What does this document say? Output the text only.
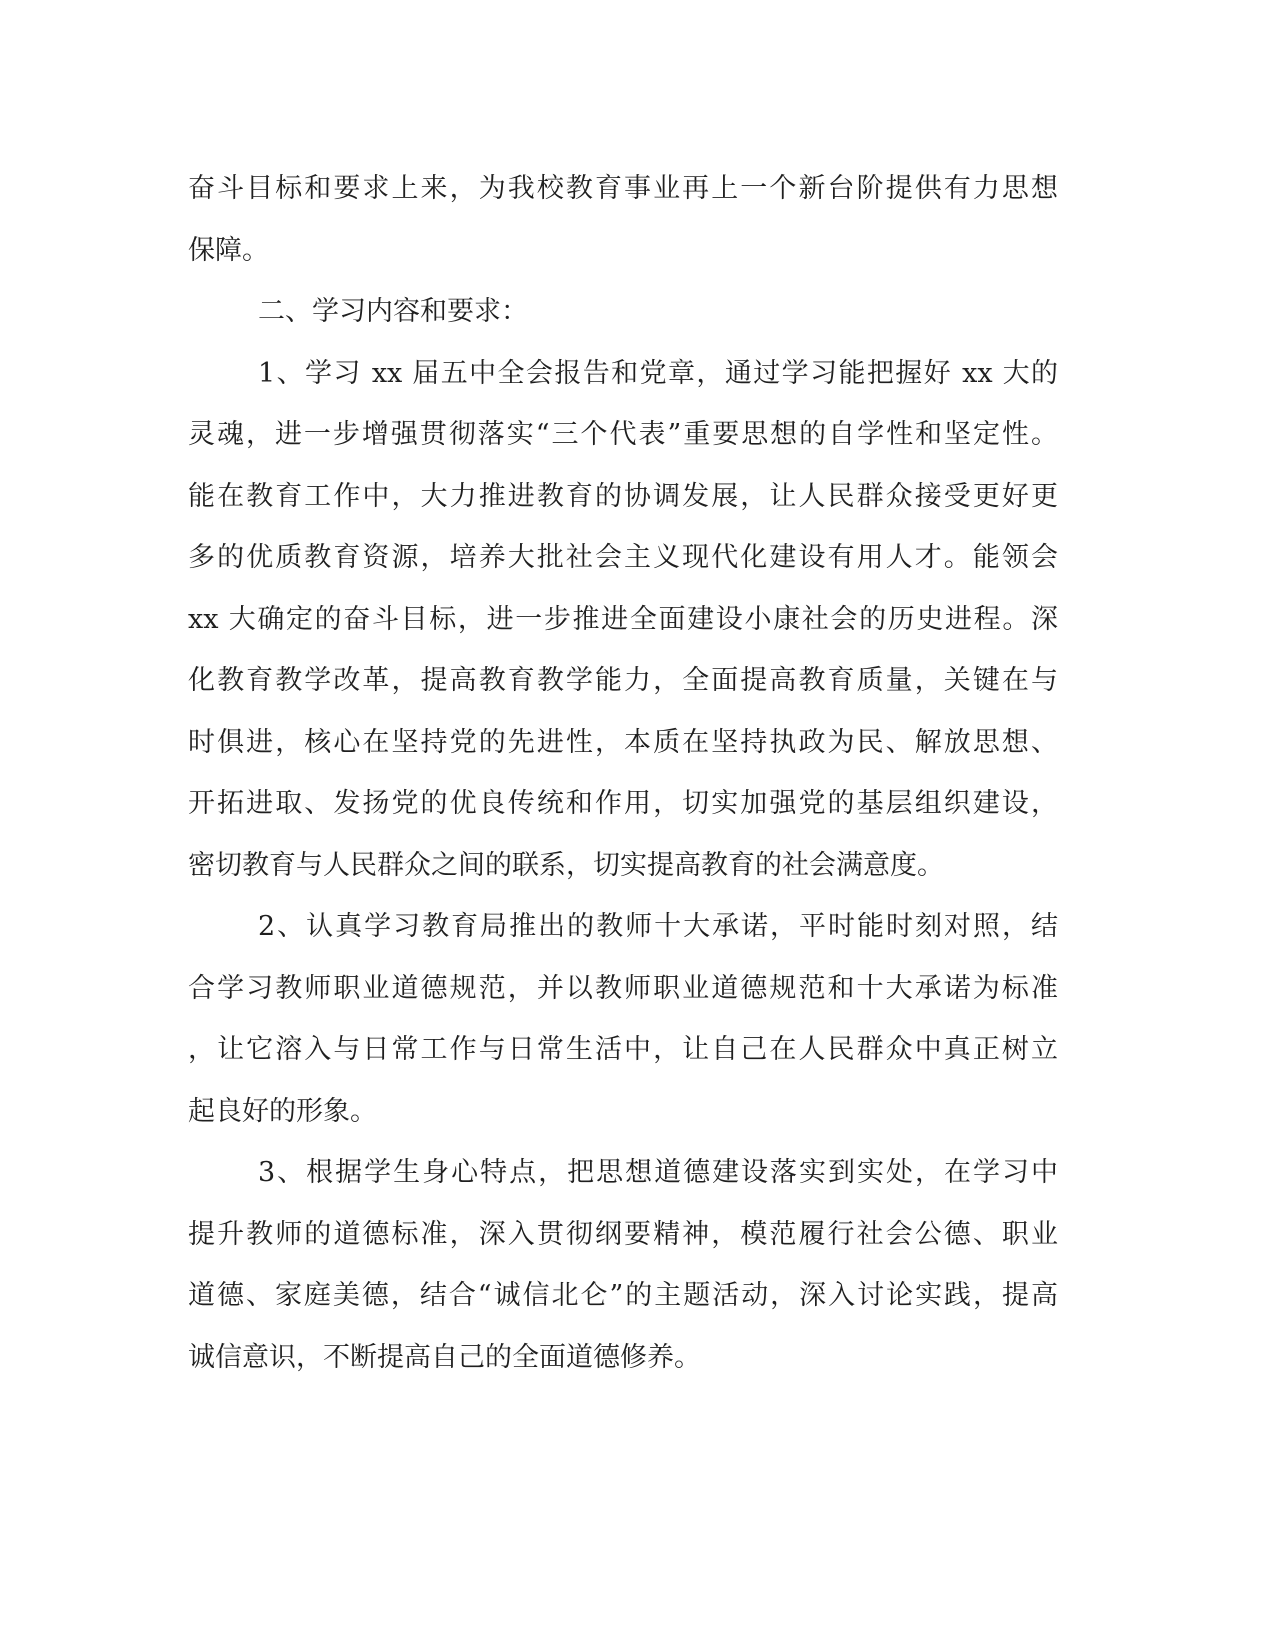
奋斗目标和要求上来，为我校教育事业再上一个新台阶提供有力思想
保障。
二、学习内容和要求：
1、学习 xx 届五中全会报告和党章，通过学习能把握好 xx 大的
灵魂，进一步增强贯彻落实“三个代表”重要思想的自学性和坚定性。
能在教育工作中，大力推进教育的协调发展，让人民群众接受更好更
多的优质教育资源，培养大批社会主义现代化建设有用人才。能领会
xx 大确定的奋斗目标，进一步推进全面建设小康社会的历史进程。深
化教育教学改革，提高教育教学能力，全面提高教育质量，关键在与
时俱进，核心在坚持党的先进性，本质在坚持执政为民、解放思想、
开拓进取、发扬党的优良传统和作用，切实加强党的基层组织建设，
密切教育与人民群众之间的联系，切实提高教育的社会满意度。
2、认真学习教育局推出的教师十大承诺，平时能时刻对照，结
合学习教师职业道德规范，并以教师职业道德规范和十大承诺为标准
，让它溶入与日常工作与日常生活中，让自己在人民群众中真正树立
起良好的形象。
3、根据学生身心特点，把思想道德建设落实到实处，在学习中
提升教师的道德标准，深入贯彻纲要精神，模范履行社会公德、职业
道德、家庭美德，结合“诚信北仑”的主题活动，深入讨论实践，提高
诚信意识，不断提高自己的全面道德修养。
